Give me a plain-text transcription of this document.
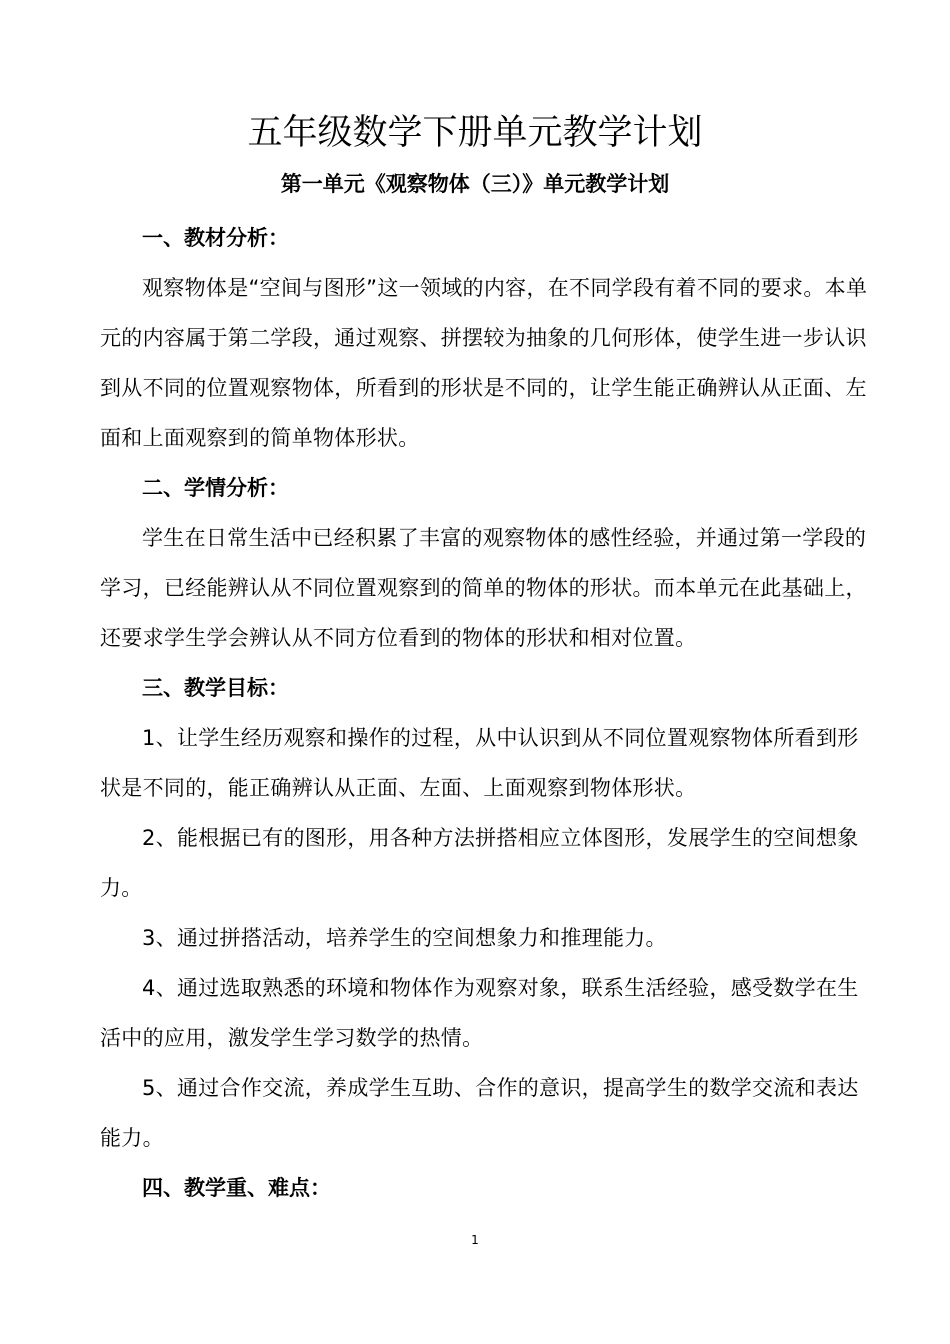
五年级数学下册单元教学计划
第一单元《观察物体（三）》单元教学计划

一、教材分析：

观察物体是“空间与图形”这一领域的内容，在不同学段有着不同的要求。本单元的内容属于第二学段，通过观察、拼摆较为抽象的几何形体，使学生进一步认识到从不同的位置观察物体，所看到的形状是不同的，让学生能正确辨认从正面、左面和上面观察到的简单物体形状。

二、学情分析：

学生在日常生活中已经积累了丰富的观察物体的感性经验，并通过第一学段的学习，已经能辨认从不同位置观察到的简单的物体的形状。而本单元在此基础上，还要求学生学会辨认从不同方位看到的物体的形状和相对位置。

三、教学目标：

1、让学生经历观察和操作的过程，从中认识到从不同位置观察物体所看到形状是不同的，能正确辨认从正面、左面、上面观察到物体形状。

2、能根据已有的图形，用各种方法拼搭相应立体图形，发展学生的空间想象力。

3、通过拼搭活动，培养学生的空间想象力和推理能力。

4、通过选取熟悉的环境和物体作为观察对象，联系生活经验，感受数学在生活中的应用，激发学生学习数学的热情。

5、通过合作交流，养成学生互助、合作的意识，提高学生的数学交流和表达能力。

四、教学重、难点：

1
